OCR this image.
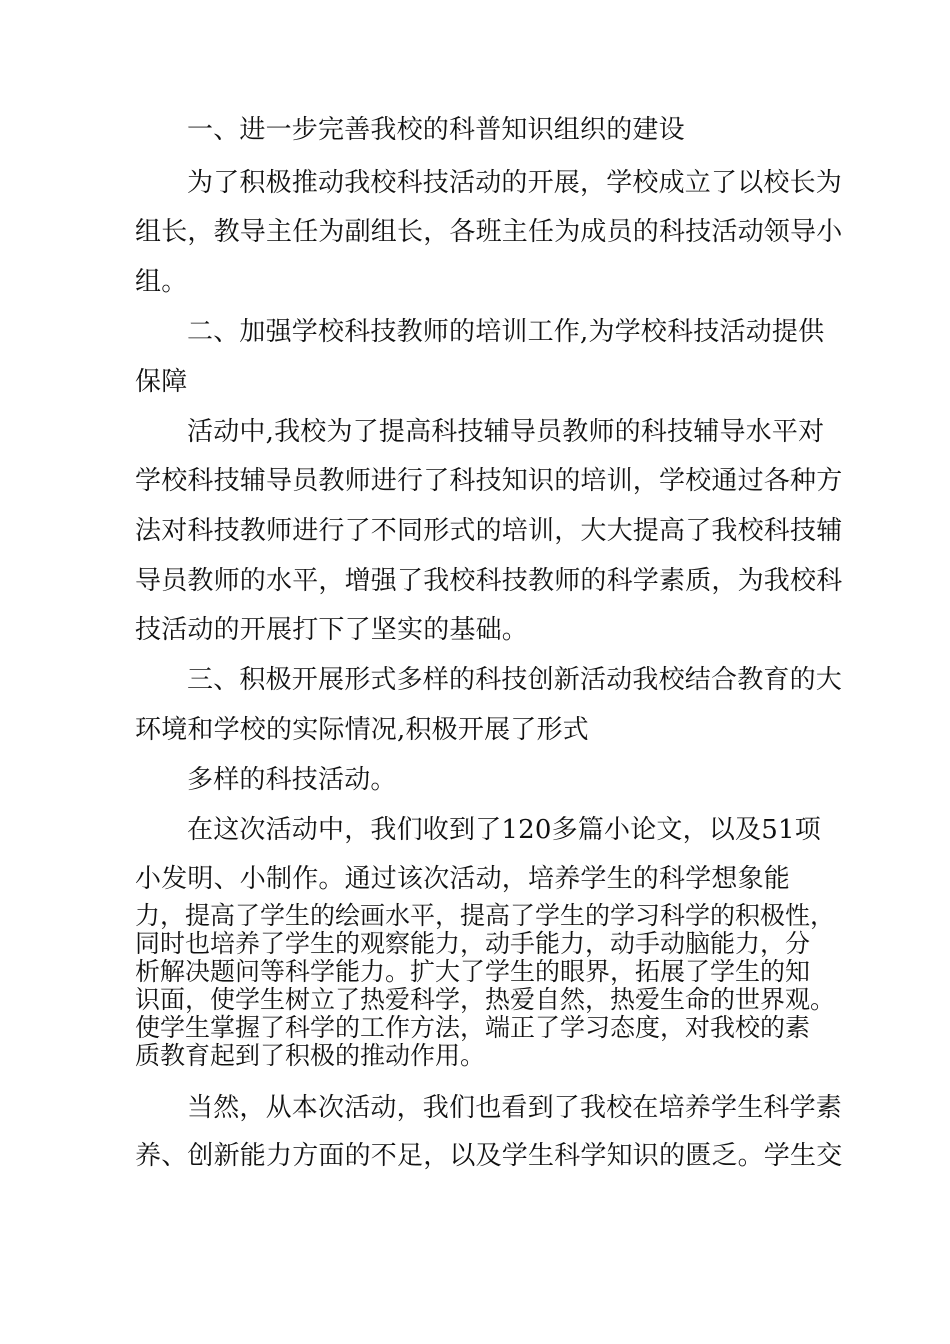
一、进一步完善我校的科普知识组织的建设
为了积极推动我校科技活动的开展，学校成立了以校长为
组长，教导主任为副组长，各班主任为成员的科技活动领导小
组。
二、加强学校科技教师的培训工作,为学校科技活动提供
保障
活动中,我校为了提高科技辅导员教师的科技辅导水平对
学校科技辅导员教师进行了科技知识的培训，学校通过各种方
法对科技教师进行了不同形式的培训，大大提高了我校科技辅
导员教师的水平，增强了我校科技教师的科学素质，为我校科
技活动的开展打下了坚实的基础。
三、积极开展形式多样的科技创新活动我校结合教育的大
环境和学校的实际情况,积极开展了形式
多样的科技活动。
在这次活动中，我们收到了120多篇小论文，以及51项
小发明、小制作。通过该次活动，培养学生的科学想象能
力，提高了学生的绘画水平，提高了学生的学习科学的积极性，
同时也培养了学生的观察能力，动手能力，动手动脑能力，分
析解决题问等科学能力。扩大了学生的眼界，拓展了学生的知
识面，使学生树立了热爱科学，热爱自然，热爱生命的世界观。
使学生掌握了科学的工作方法，端正了学习态度，对我校的素
质教育起到了积极的推动作用。
当然，从本次活动，我们也看到了我校在培养学生科学素
养、创新能力方面的不足，以及学生科学知识的匮乏。学生交
